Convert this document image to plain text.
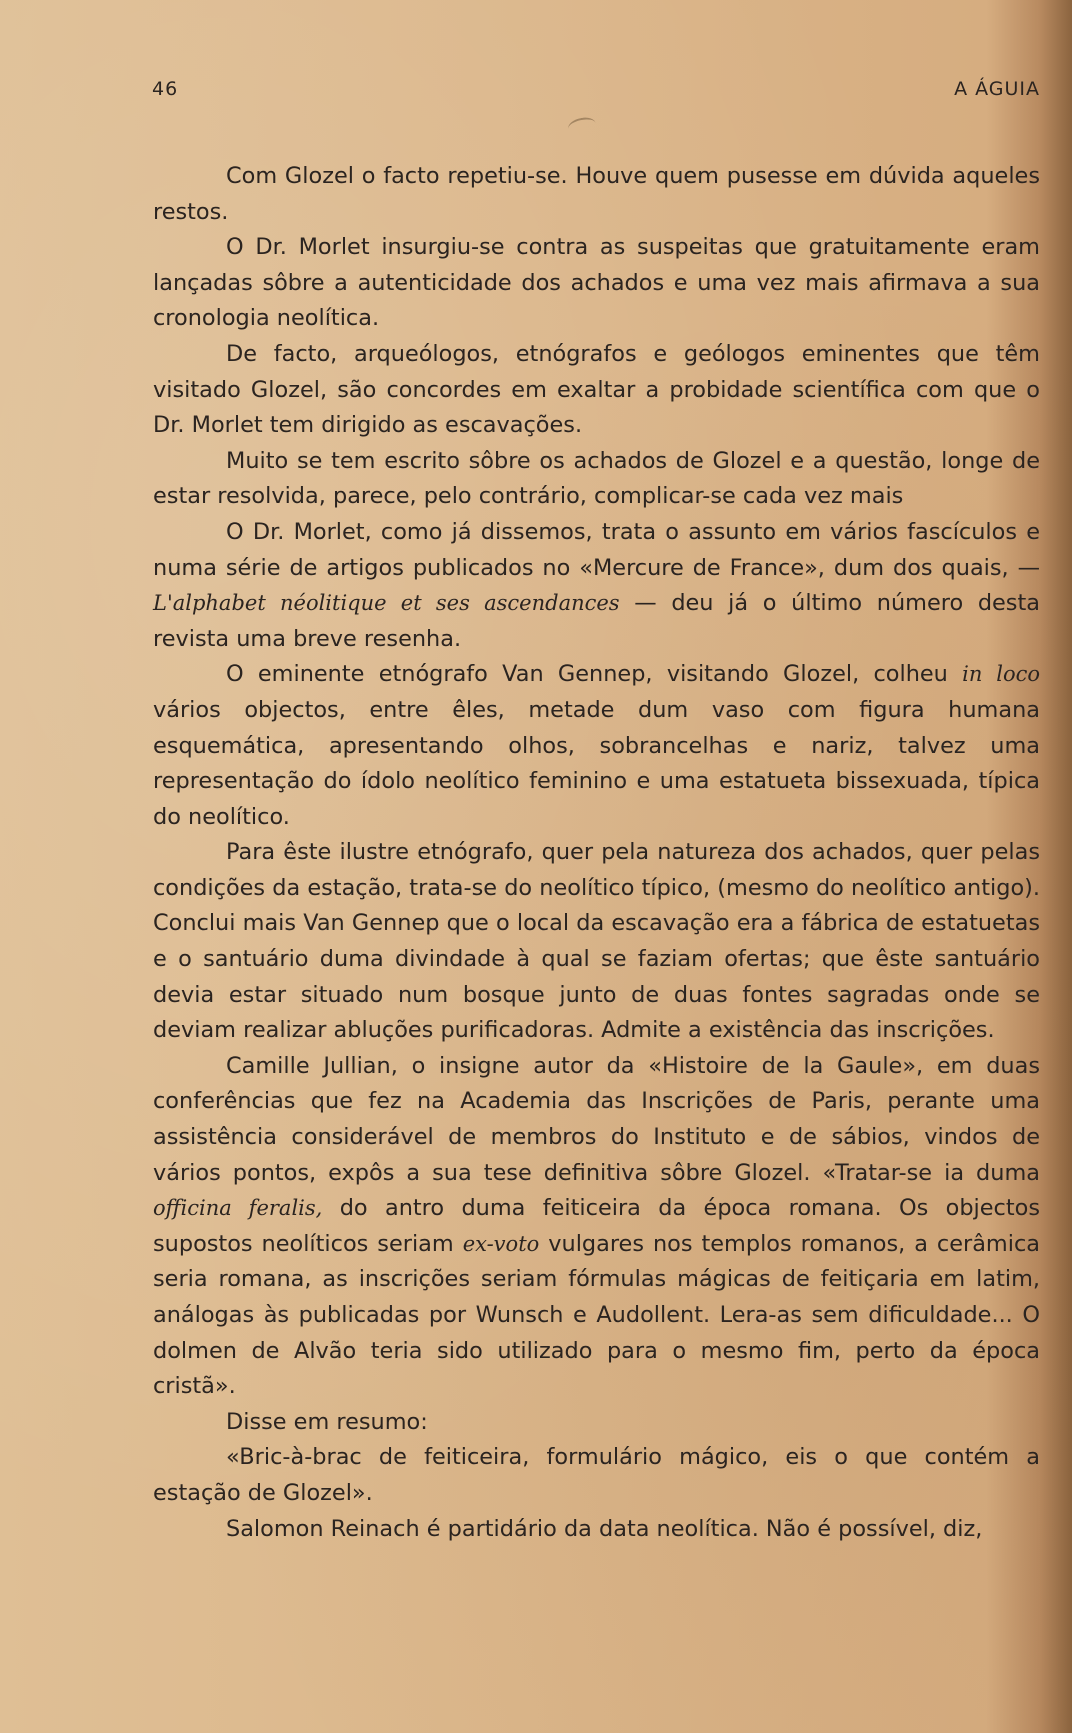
46	A ÁGUIA

Com Glozel o facto repetiu-se. Houve quem pusesse em dúvida aqueles restos.

O Dr. Morlet insurgiu-se contra as suspeitas que gratuitamente eram lançadas sôbre a autenticidade dos achados e uma vez mais afirmava a sua cronologia neolítica.

De facto, arqueólogos, etnógrafos e geólogos eminentes que têm visitado Glozel, são concordes em exaltar a probidade scientífica com que o Dr. Morlet tem dirigido as escavações.

Muito se tem escrito sôbre os achados de Glozel e a questão, longe de estar resolvida, parece, pelo contrário, complicar-se cada vez mais

O Dr. Morlet, como já dissemos, trata o assunto em vários fascículos e numa série de artigos publicados no «Mercure de France», dum dos quais, — L'alphabet néolitique et ses ascendances — deu já o último número desta revista uma breve resenha.

O eminente etnógrafo Van Gennep, visitando Glozel, colheu in loco vários objectos, entre êles, metade dum vaso com figura humana esquemática, apresentando olhos, sobrancelhas e nariz, talvez uma representação do ídolo neolítico feminino e uma estatueta bissexuada, típica do neolítico.

Para êste ilustre etnógrafo, quer pela natureza dos achados, quer pelas condições da estação, trata-se do neolítico típico, (mesmo do neolítico antigo). Conclui mais Van Gennep que o local da escavação era a fábrica de estatuetas e o santuário duma divindade à qual se faziam ofertas; que êste santuário devia estar situado num bosque junto de duas fontes sagradas onde se deviam realizar abluções purificadoras. Admite a existência das inscrições.

Camille Jullian, o insigne autor da «Histoire de la Gaule», em duas conferências que fez na Academia das Inscrições de Paris, perante uma assistência considerável de membros do Instituto e de sábios, vindos de vários pontos, expôs a sua tese definitiva sôbre Glozel. «Tratar-se ia duma officina feralis, do antro duma feiticeira da época romana. Os objectos supostos neolíticos seriam ex-voto vulgares nos templos romanos, a cerâmica seria romana, as inscrições seriam fórmulas mágicas de feitiçaria em latim, análogas às publicadas por Wunsch e Audollent. Lera-as sem dificuldade... O dolmen de Alvão teria sido utilizado para o mesmo fim, perto da época cristã».

Disse em resumo:

«Bric-à-brac de feiticeira, formulário mágico, eis o que contém a estação de Glozel».

Salomon Reinach é partidário da data neolítica. Não é possível, diz,
